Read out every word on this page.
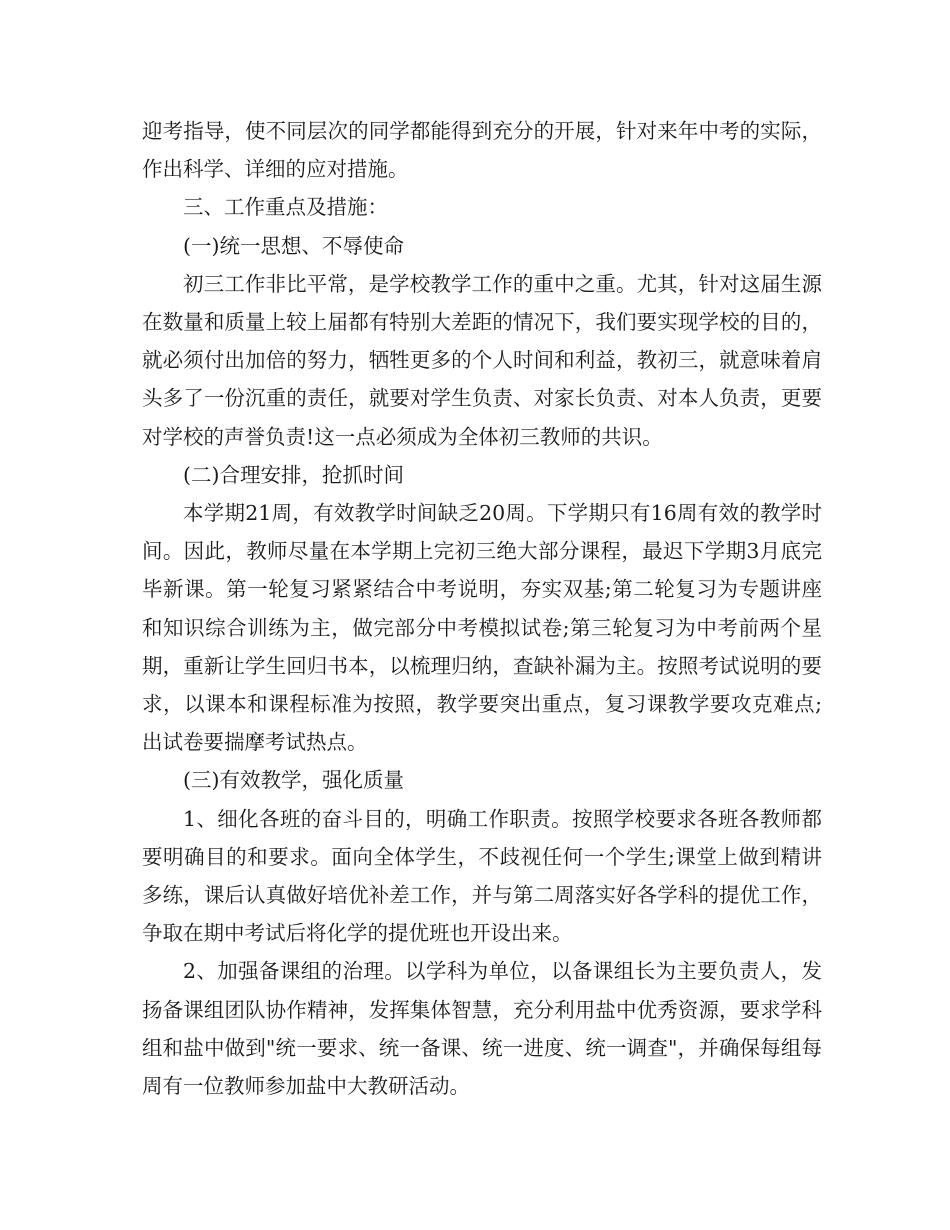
迎考指导，使不同层次的同学都能得到充分的开展，针对来年中考的实际，作出科学、详细的应对措施。

三、工作重点及措施：

(一)统一思想、不辱使命

初三工作非比平常，是学校教学工作的重中之重。尤其，针对这届生源在数量和质量上较上届都有特别大差距的情况下，我们要实现学校的目的，就必须付出加倍的努力，牺牲更多的个人时间和利益，教初三，就意味着肩头多了一份沉重的责任，就要对学生负责、对家长负责、对本人负责，更要对学校的声誉负责!这一点必须成为全体初三教师的共识。

(二)合理安排，抢抓时间

本学期21周，有效教学时间缺乏20周。下学期只有16周有效的教学时间。因此，教师尽量在本学期上完初三绝大部分课程，最迟下学期3月底完毕新课。第一轮复习紧紧结合中考说明，夯实双基;第二轮复习为专题讲座和知识综合训练为主，做完部分中考模拟试卷;第三轮复习为中考前两个星期，重新让学生回归书本，以梳理归纳，查缺补漏为主。按照考试说明的要求，以课本和课程标准为按照，教学要突出重点，复习课教学要攻克难点;出试卷要揣摩考试热点。

(三)有效教学，强化质量

1、细化各班的奋斗目的，明确工作职责。按照学校要求各班各教师都要明确目的和要求。面向全体学生，不歧视任何一个学生;课堂上做到精讲多练，课后认真做好培优补差工作，并与第二周落实好各学科的提优工作，争取在期中考试后将化学的提优班也开设出来。

2、加强备课组的治理。以学科为单位，以备课组长为主要负责人，发扬备课组团队协作精神，发挥集体智慧，充分利用盐中优秀资源，要求学科组和盐中做到"统一要求、统一备课、统一进度、统一调查"，并确保每组每周有一位教师参加盐中大教研活动。
